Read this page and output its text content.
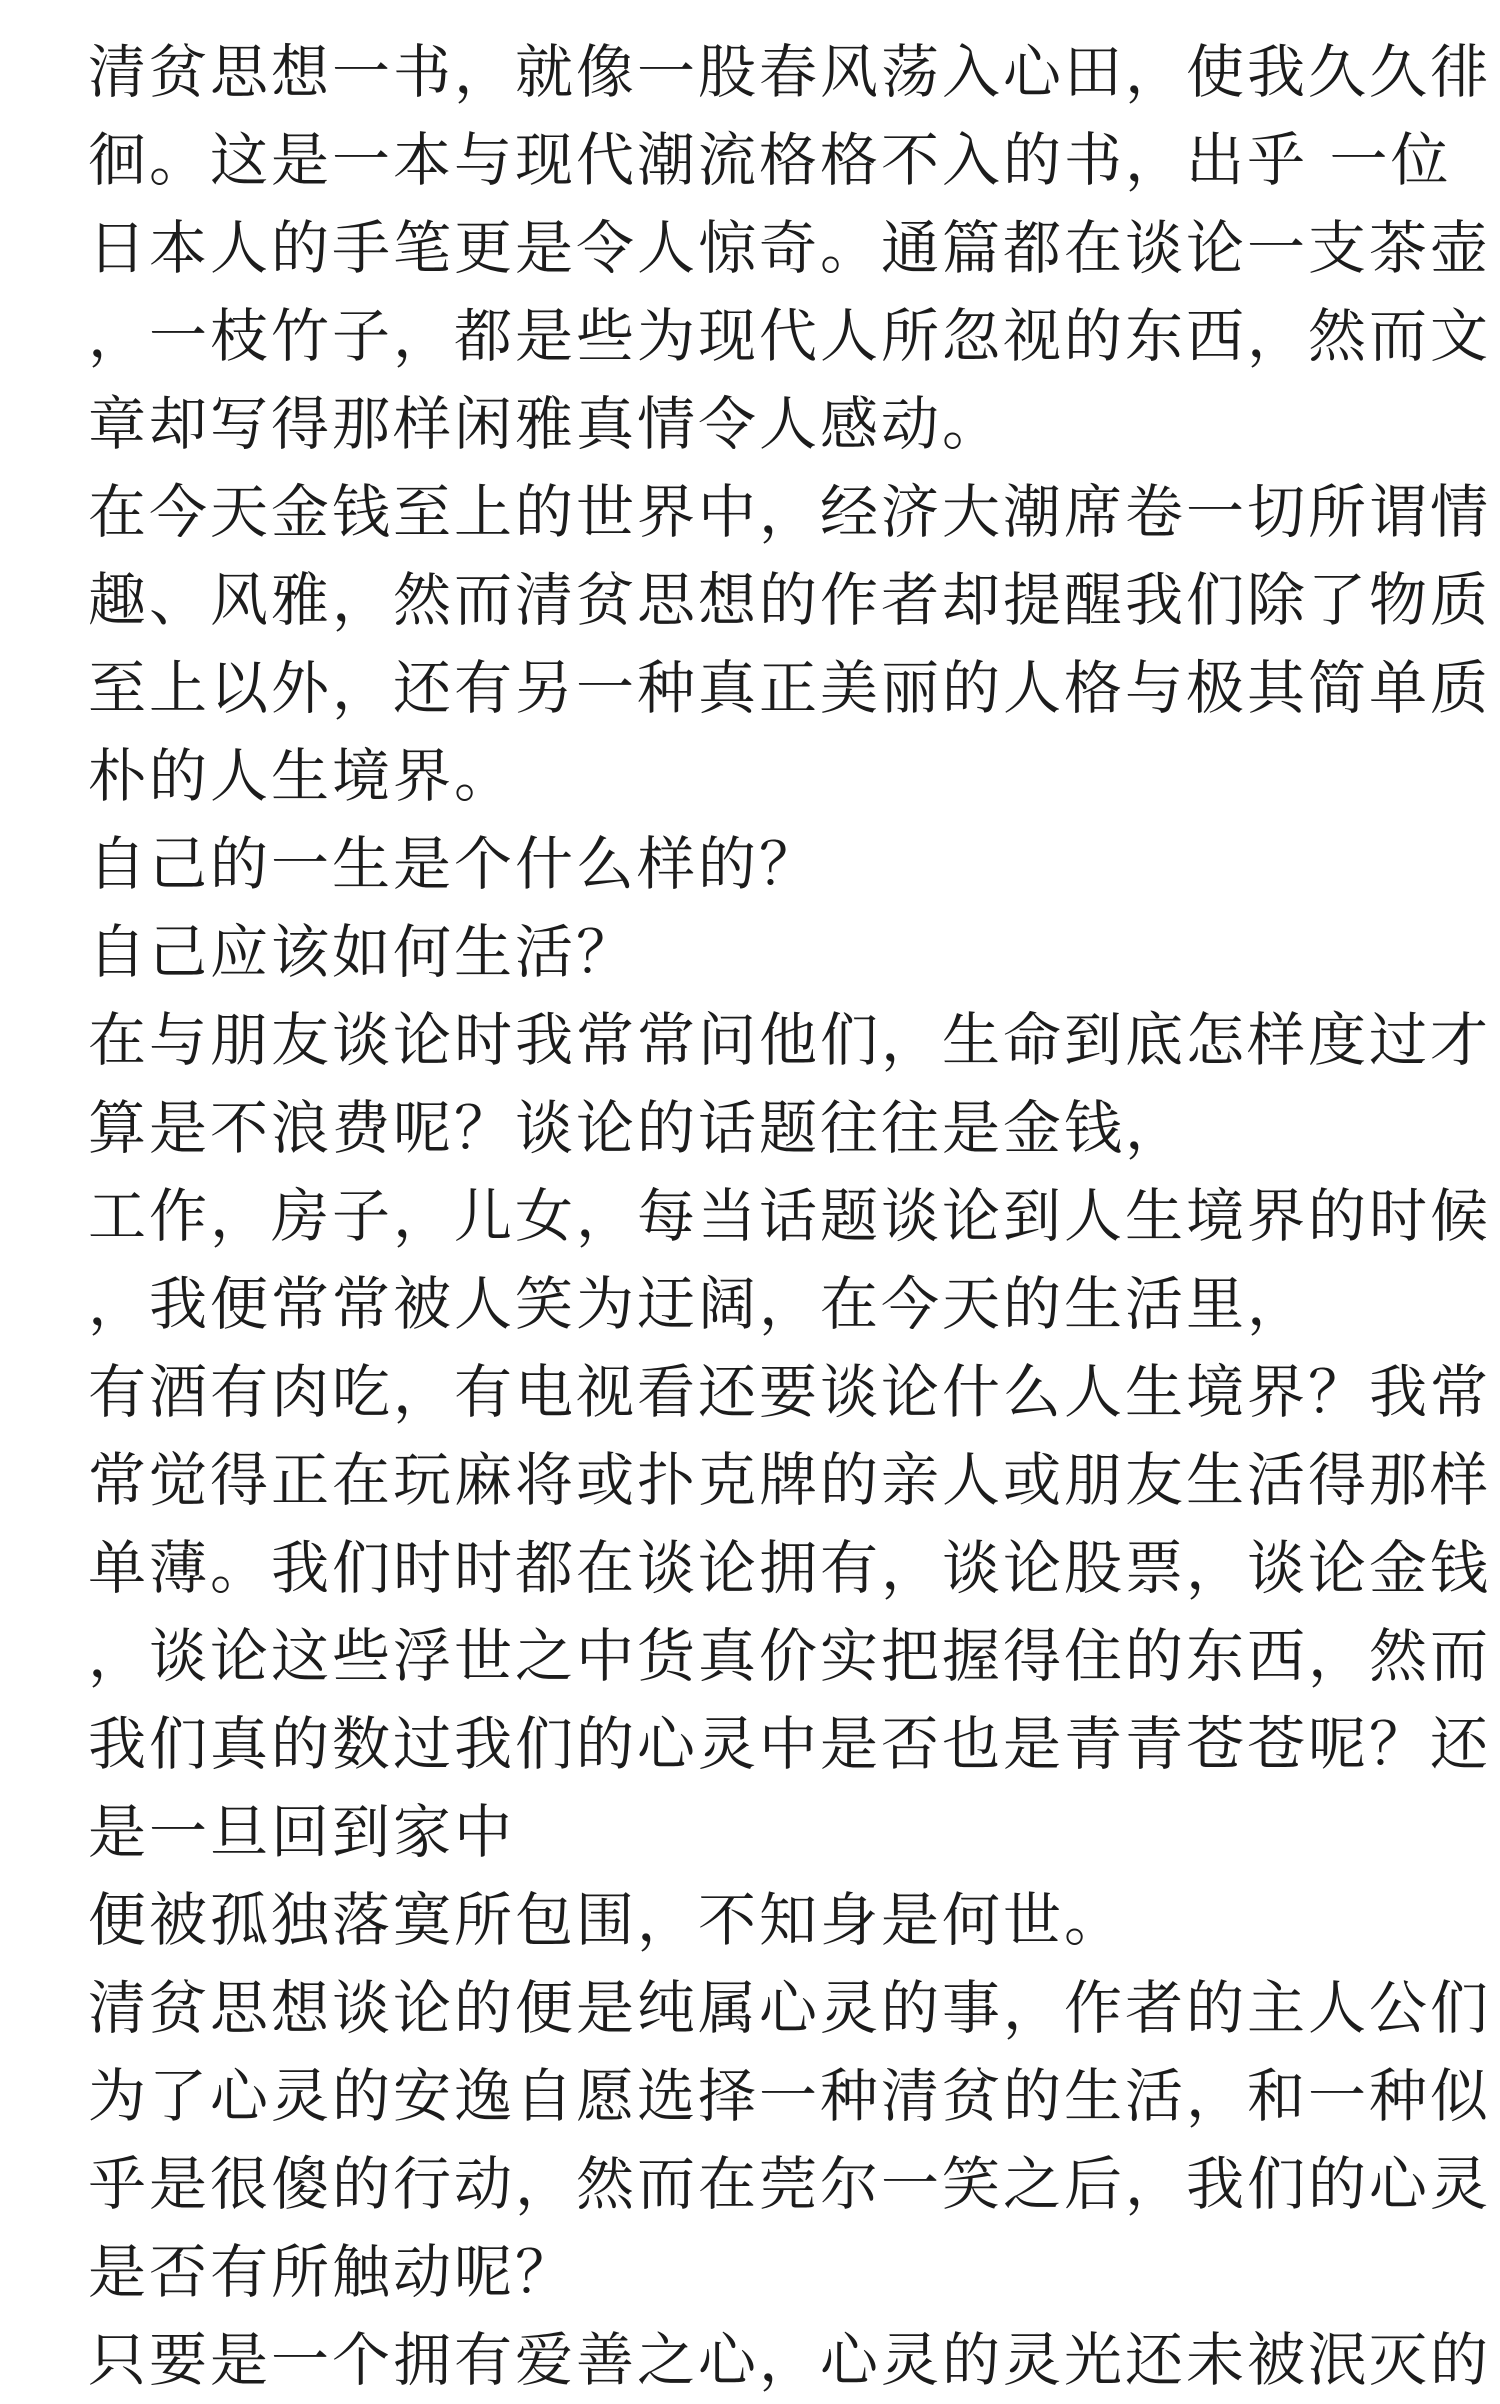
清贫思想一书，就像一股春风荡入心田，使我久久徘
徊。这是一本与现代潮流格格不入的书，出乎 一位
日本人的手笔更是令人惊奇。通篇都在谈论一支茶壶
，一枝竹子，都是些为现代人所忽视的东西，然而文
章却写得那样闲雅真情令人感动。
在今天金钱至上的世界中，经济大潮席卷一切所谓情
趣、风雅，然而清贫思想的作者却提醒我们除了物质
至上以外，还有另一种真正美丽的人格与极其简单质
朴的人生境界。
自己的一生是个什么样的？
自己应该如何生活？
在与朋友谈论时我常常问他们，生命到底怎样度过才
算是不浪费呢？谈论的话题往往是金钱，
工作，房子，儿女，每当话题谈论到人生境界的时候
，我便常常被人笑为迂阔，在今天的生活里，
有酒有肉吃，有电视看还要谈论什么人生境界？我常
常觉得正在玩麻将或扑克牌的亲人或朋友生活得那样
单薄。我们时时都在谈论拥有，谈论股票，谈论金钱
，谈论这些浮世之中货真价实把握得住的东西，然而
我们真的数过我们的心灵中是否也是青青苍苍呢？还
是一旦回到家中
便被孤独落寞所包围，不知身是何世。
清贫思想谈论的便是纯属心灵的事，作者的主人公们
为了心灵的安逸自愿选择一种清贫的生活，和一种似
乎是很傻的行动，然而在莞尔一笑之后，我们的心灵
是否有所触动呢？
只要是一个拥有爱善之心，心灵的灵光还未被泯灭的
